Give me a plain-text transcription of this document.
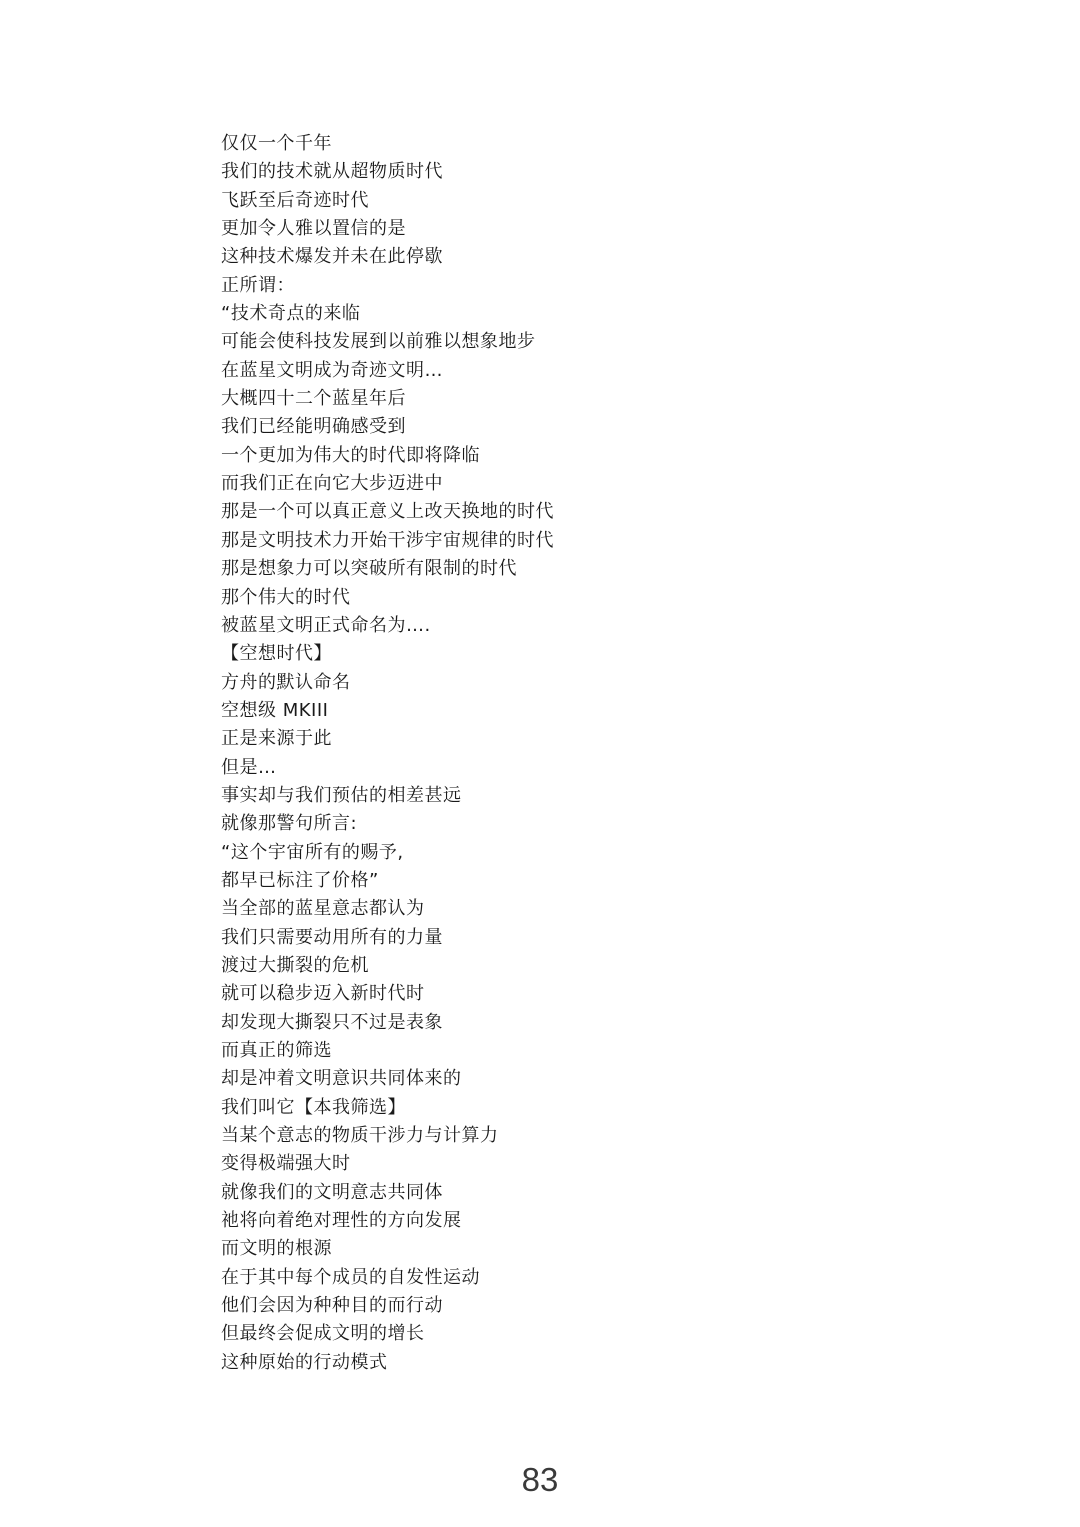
仅仅一个千年
我们的技术就从超物质时代
飞跃至后奇迹时代
更加令人雅以置信的是
这种技术爆发并未在此停歇
正所谓：
“技术奇点的来临
可能会使科技发展到以前雅以想象地步
在蓝星文明成为奇迹文明…
大概四十二个蓝星年后
我们已经能明确感受到
一个更加为伟大的时代即将降临
而我们正在向它大步迈进中
那是一个可以真正意义上改天换地的时代
那是文明技术力开始干涉宇宙规律的时代
那是想象力可以突破所有限制的时代
那个伟大的时代
被蓝星文明正式命名为….
【空想时代】
方舟的默认命名
空想级 MKIII
正是来源于此
但是…
事实却与我们预估的相差甚远
就像那警句所言:
“这个宇宙所有的赐予,
都早已标注了价格”
当全部的蓝星意志都认为
我们只需要动用所有的力量
渡过大撕裂的危机
就可以稳步迈入新时代时
却发现大撕裂只不过是表象
而真正的筛选
却是冲着文明意识共同体来的
我们叫它【本我筛选】
当某个意志的物质干涉力与计算力
变得极端强大时
就像我们的文明意志共同体
祂将向着绝对理性的方向发展
而文明的根源
在于其中每个成员的自发性运动
他们会因为种种目的而行动
但最终会促成文明的增长
这种原始的行动模式
83
